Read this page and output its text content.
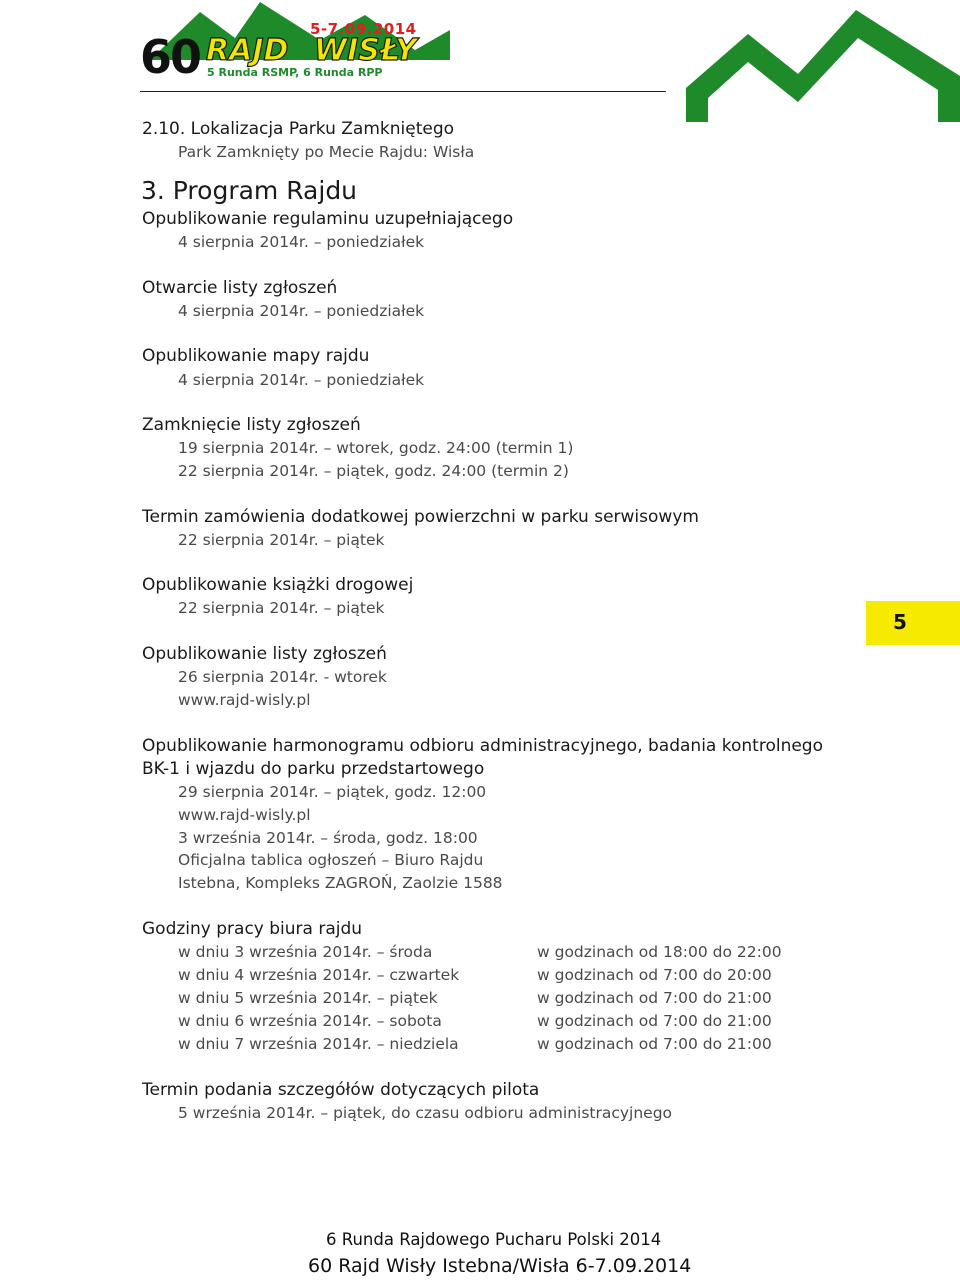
60 RAJD WISŁY
5-7.09.2014
5 Runda RSMP, 6 Runda RPP
2.10. Lokalizacja Parku Zamkniętego
Park Zamknięty po Mecie Rajdu: Wisła
3. Program Rajdu
Opublikowanie regulaminu uzupełniającego
4 sierpnia 2014r. – poniedziałek
Otwarcie listy zgłoszeń
4 sierpnia 2014r. – poniedziałek
Opublikowanie mapy rajdu
4 sierpnia 2014r. – poniedziałek
Zamknięcie listy zgłoszeń
19 sierpnia 2014r. – wtorek, godz. 24:00 (termin 1)
22 sierpnia 2014r. – piątek, godz. 24:00 (termin 2)
Termin zamówienia dodatkowej powierzchni w parku serwisowym
22 sierpnia 2014r. – piątek
Opublikowanie książki drogowej
22 sierpnia 2014r. – piątek
Opublikowanie listy zgłoszeń
26 sierpnia 2014r. - wtorek
www.rajd-wisly.pl
Opublikowanie harmonogramu odbioru administracyjnego, badania kontrolnego
BK-1 i wjazdu do parku przedstartowego
29 sierpnia 2014r. – piątek, godz. 12:00
www.rajd-wisly.pl
3 września 2014r. – środa, godz. 18:00
Oficjalna tablica ogłoszeń – Biuro Rajdu
Istebna, Kompleks ZAGROŃ, Zaolzie 1588
Godziny pracy biura rajdu
w dniu 3 września 2014r. – środa	w godzinach od 18:00 do 22:00
w dniu 4 września 2014r. – czwartek	w godzinach od 7:00 do 20:00
w dniu 5 września 2014r. – piątek	w godzinach od 7:00 do 21:00
w dniu 6 września 2014r. – sobota	w godzinach od 7:00 do 21:00
w dniu 7 września 2014r. – niedziela	w godzinach od 7:00 do 21:00
Termin podania szczegółów dotyczących pilota
5 września 2014r. – piątek, do czasu odbioru administracyjnego
5
6 Runda Rajdowego Pucharu Polski 2014
60 Rajd Wisły Istebna/Wisła 6-7.09.2014
